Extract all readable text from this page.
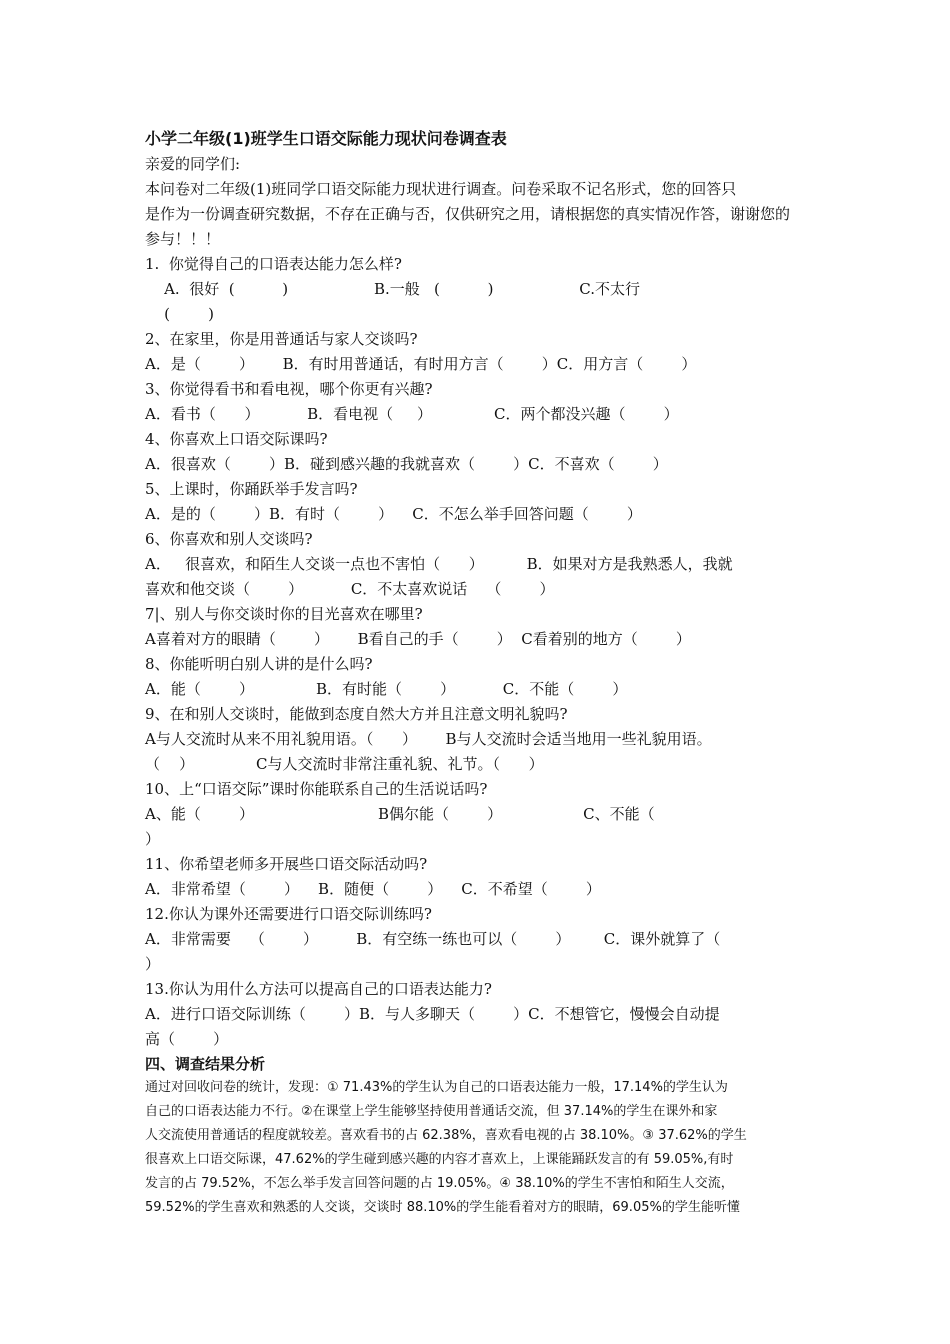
小学二年级(1)班学生口语交际能力现状问卷调查表
亲爱的同学们:
本问卷对二年级(1)班同学口语交际能力现状进行调查。问卷采取不记名形式，您的回答只
是作为一份调查研究数据，不存在正确与否，仅供研究之用，请根据您的真实情况作答，谢谢您的
参与！！！
1.  你觉得自己的口语表达能力怎么样?
A.  很好  (          )                  B.一般   (          )                  C.不太行
(        )
2、在家里，你是用普通话与家人交谈吗?
A．是（        ）      B．有时用普通话，有时用方言（        ）C．用方言（        ）
3、你觉得看书和看电视，哪个你更有兴趣?
A．看书（      ）          B．看电视（     ）             C．两个都没兴趣（        ）
4、你喜欢上口语交际课吗?
A．很喜欢（        ）B．碰到感兴趣的我就喜欢（        ）C．不喜欢（        ）
5、上课时，你踊跃举手发言吗?
A．是的（        ）B．有时（        ）    C．不怎么举手回答问题（        ）
6、你喜欢和别人交谈吗?
A．   很喜欢，和陌生人交谈一点也不害怕（      ）         B．如果对方是我熟悉人，我就
喜欢和他交谈（        ）          C．不太喜欢说话    （        ）
7|、别人与你交谈时你的目光喜欢在哪里?
A喜着对方的眼睛（        ）      B看自己的手（        ）  C看着别的地方（        ）
8、你能听明白别人讲的是什么吗?
A．能（        ）             B．有时能（        ）          C．不能（        ）
9、在和别人交谈时，能做到态度自然大方并且注意文明礼貌吗?
A与人交流时从来不用礼貌用语。（      ）      B与人交流时会适当地用一些礼貌用语。
（    ）             C与人交流时非常注重礼貌、礼节。（      ）
10、上“口语交际”课时你能联系自己的生活说话吗?
A、能（        ）                          B偶尔能（        ）                 C、不能（
）
11、你希望老师多开展些口语交际活动吗?
A．非常希望（        ）    B．随便（        ）    C．不希望（        ）
12.你认为课外还需要进行口语交际训练吗?
A．非常需要    （        ）        B．有空练一练也可以（        ）       C．课外就算了（
）
13.你认为用什么方法可以提高自己的口语表达能力?
A．进行口语交际训练（        ）B．与人多聊天（        ）C．不想管它，慢慢会自动提
高（        ）
四、调查结果分析
通过对回收问卷的统计，发现：① 71.43%的学生认为自己的口语表达能力一般，17.14%的学生认为
自己的口语表达能力不行。②在课堂上学生能够坚持使用普通话交流，但 37.14%的学生在课外和家
人交流使用普通话的程度就较差。喜欢看书的占 62.38%，喜欢看电视的占 38.10%。③ 37.62%的学生
很喜欢上口语交际课，47.62%的学生碰到感兴趣的内容才喜欢上，上课能踊跃发言的有 59.05%,有时
发言的占 79.52%，不怎么举手发言回答问题的占 19.05%。④ 38.10%的学生不害怕和陌生人交流，
59.52%的学生喜欢和熟悉的人交谈，交谈时 88.10%的学生能看着对方的眼睛，69.05%的学生能听懂
